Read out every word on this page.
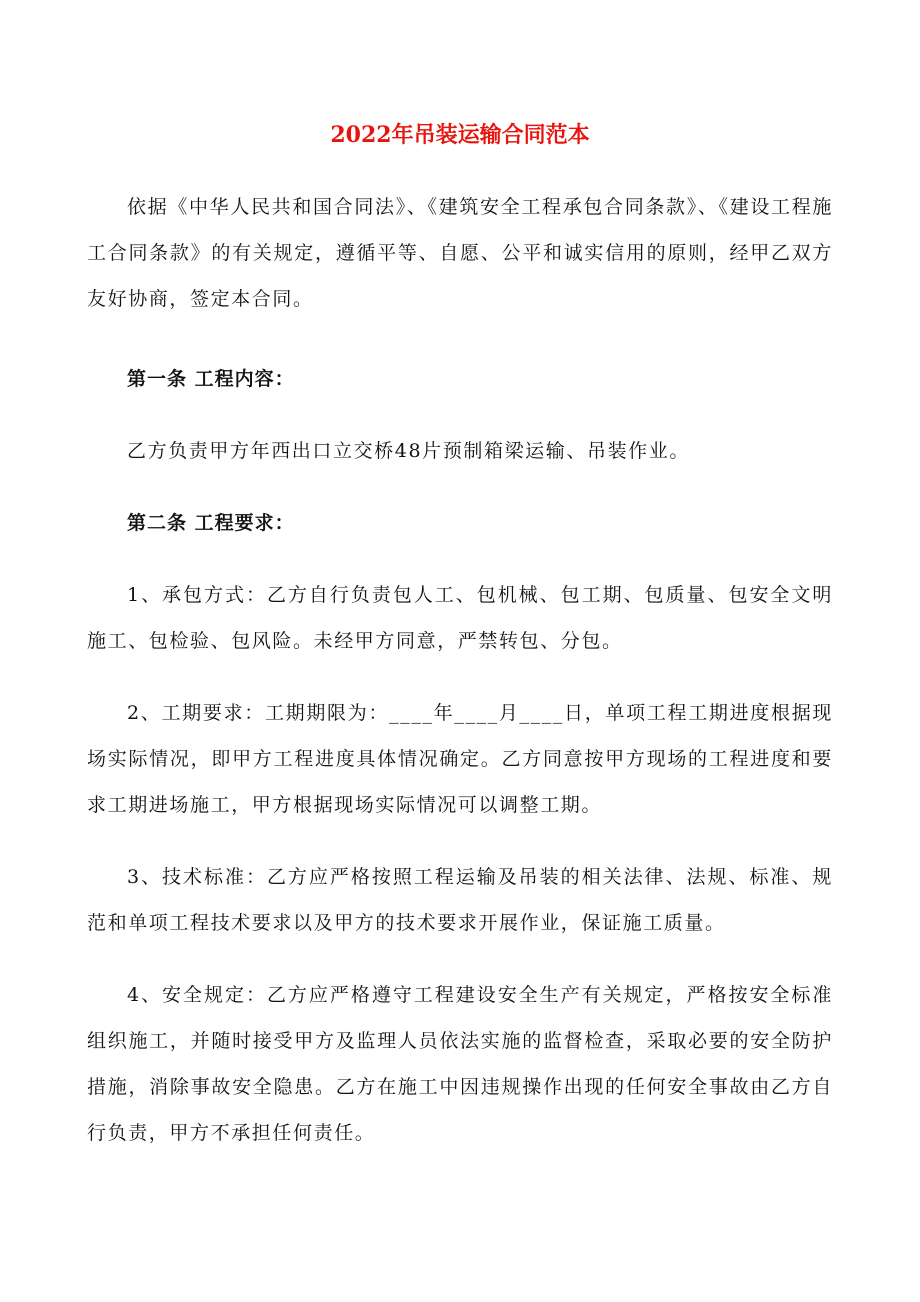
2022年吊装运输合同范本

依据《中华人民共和国合同法》、《建筑安全工程承包合同条款》、《建设工程施工合同条款》的有关规定，遵循平等、自愿、公平和诚实信用的原则，经甲乙双方友好协商，签定本合同。

第一条 工程内容：

乙方负责甲方年西出口立交桥48片预制箱梁运输、吊装作业。

第二条 工程要求：

1、承包方式：乙方自行负责包人工、包机械、包工期、包质量、包安全文明施工、包检验、包风险。未经甲方同意，严禁转包、分包。

2、工期要求：工期期限为：____年____月____日，单项工程工期进度根据现场实际情况，即甲方工程进度具体情况确定。乙方同意按甲方现场的工程进度和要求工期进场施工，甲方根据现场实际情况可以调整工期。

3、技术标准：乙方应严格按照工程运输及吊装的相关法律、法规、标准、规范和单项工程技术要求以及甲方的技术要求开展作业，保证施工质量。

4、安全规定：乙方应严格遵守工程建设安全生产有关规定，严格按安全标准组织施工，并随时接受甲方及监理人员依法实施的监督检查，采取必要的安全防护措施，消除事故安全隐患。乙方在施工中因违规操作出现的任何安全事故由乙方自行负责，甲方不承担任何责任。
